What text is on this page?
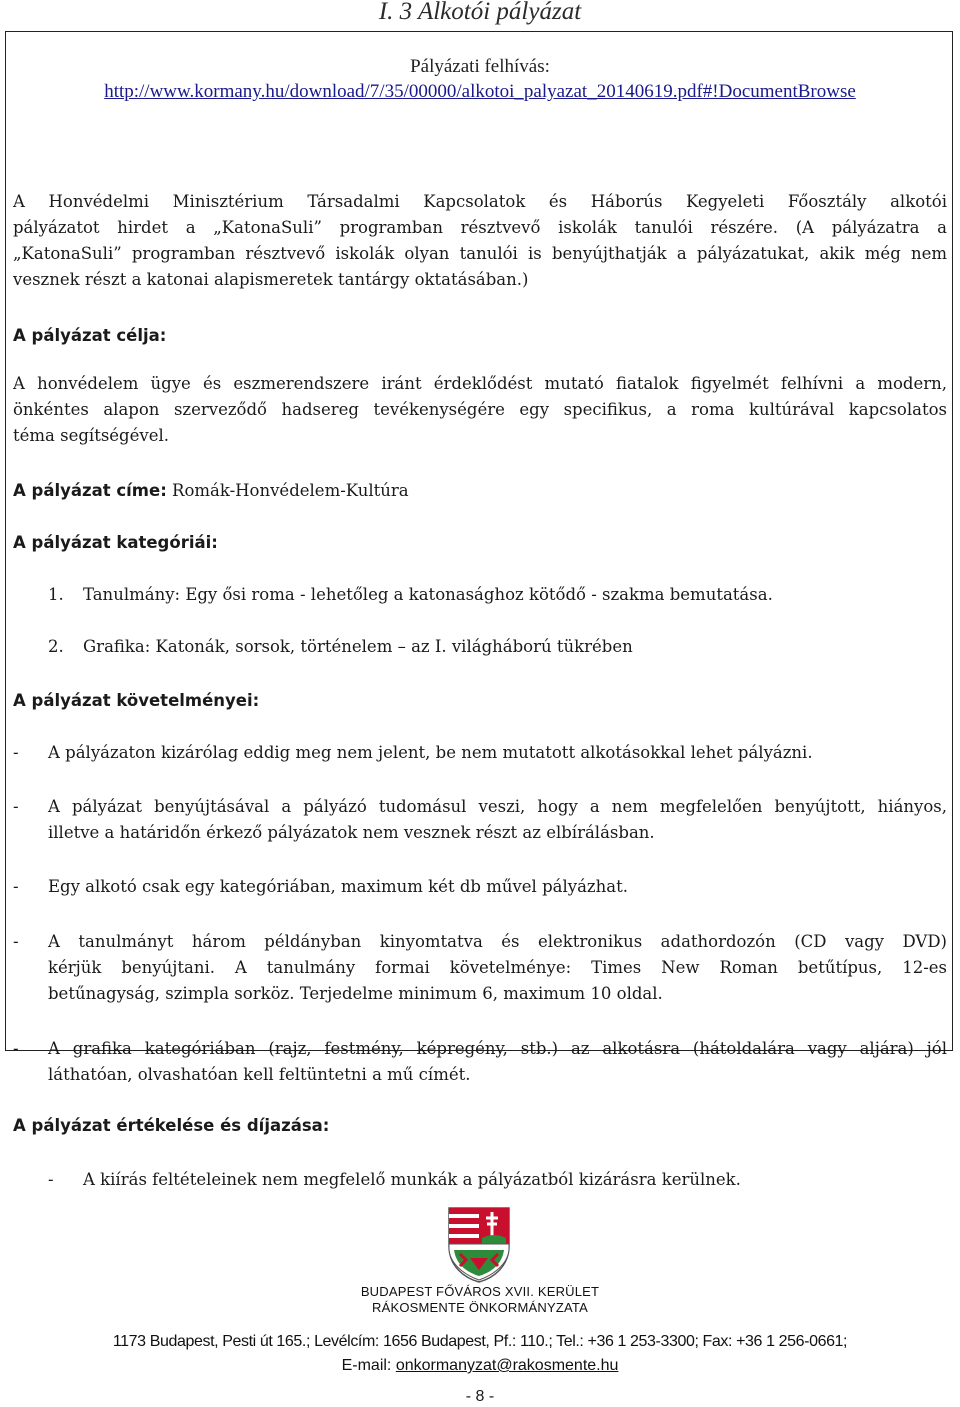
I. 3 Alkotói pályázat
Pályázati felhívás:
http://www.kormany.hu/download/7/35/00000/alkotoi_palyazat_20140619.pdf#!DocumentBrowse
A Honvédelmi Minisztérium Társadalmi Kapcsolatok és Háborús Kegyeleti Főosztály alkotói
pályázatot hirdet a „KatonaSuli” programban résztvevő iskolák tanulói részére. (A pályázatra a
„KatonaSuli” programban résztvevő iskolák olyan tanulói is benyújthatják a pályázatukat, akik még nem
vesznek részt a katonai alapismeretek tantárgy oktatásában.)
A pályázat célja:
A honvédelem ügye és eszmerendszere iránt érdeklődést mutató fiatalok figyelmét felhívni a modern,
önkéntes alapon szerveződő hadsereg tevékenységére egy specifikus, a roma kultúrával kapcsolatos
téma segítségével.
A pályázat címe: Romák-Honvédelem-Kultúra
A pályázat kategóriái:
1. Tanulmány: Egy ősi roma - lehetőleg a katonasághoz kötődő - szakma bemutatása.
2. Grafika: Katonák, sorsok, történelem – az I. világháború tükrében
A pályázat követelményei:
- A pályázaton kizárólag eddig meg nem jelent, be nem mutatott alkotásokkal lehet pályázni.
- A pályázat benyújtásával a pályázó tudomásul veszi, hogy a nem megfelelően benyújtott, hiányos,
illetve a határidőn érkező pályázatok nem vesznek részt az elbírálásban.
- Egy alkotó csak egy kategóriában, maximum két db művel pályázhat.
- A tanulmányt három példányban kinyomtatva és elektronikus adathordozón (CD vagy DVD)
kérjük benyújtani. A tanulmány formai követelménye: Times New Roman betűtípus, 12-es
betűnagyság, szimpla sorköz. Terjedelme minimum 6, maximum 10 oldal.
- A grafika kategóriában (rajz, festmény, képregény, stb.) az alkotásra (hátoldalára vagy aljára) jól
láthatóan, olvashatóan kell feltüntetni a mű címét.
A pályázat értékelése és díjazása:
- A kiírás feltételeinek nem megfelelő munkák a pályázatból kizárásra kerülnek.
BUDAPEST FŐVÁROS XVII. KERÜLET
RÁKOSMENTE ÖNKORMÁNYZATA
1173 Budapest, Pesti út 165.; Levélcím: 1656 Budapest, Pf.: 110.; Tel.: +36 1 253-3300; Fax: +36 1 256-0661;
E-mail: onkormanyzat@rakosmente.hu
- 8 -
